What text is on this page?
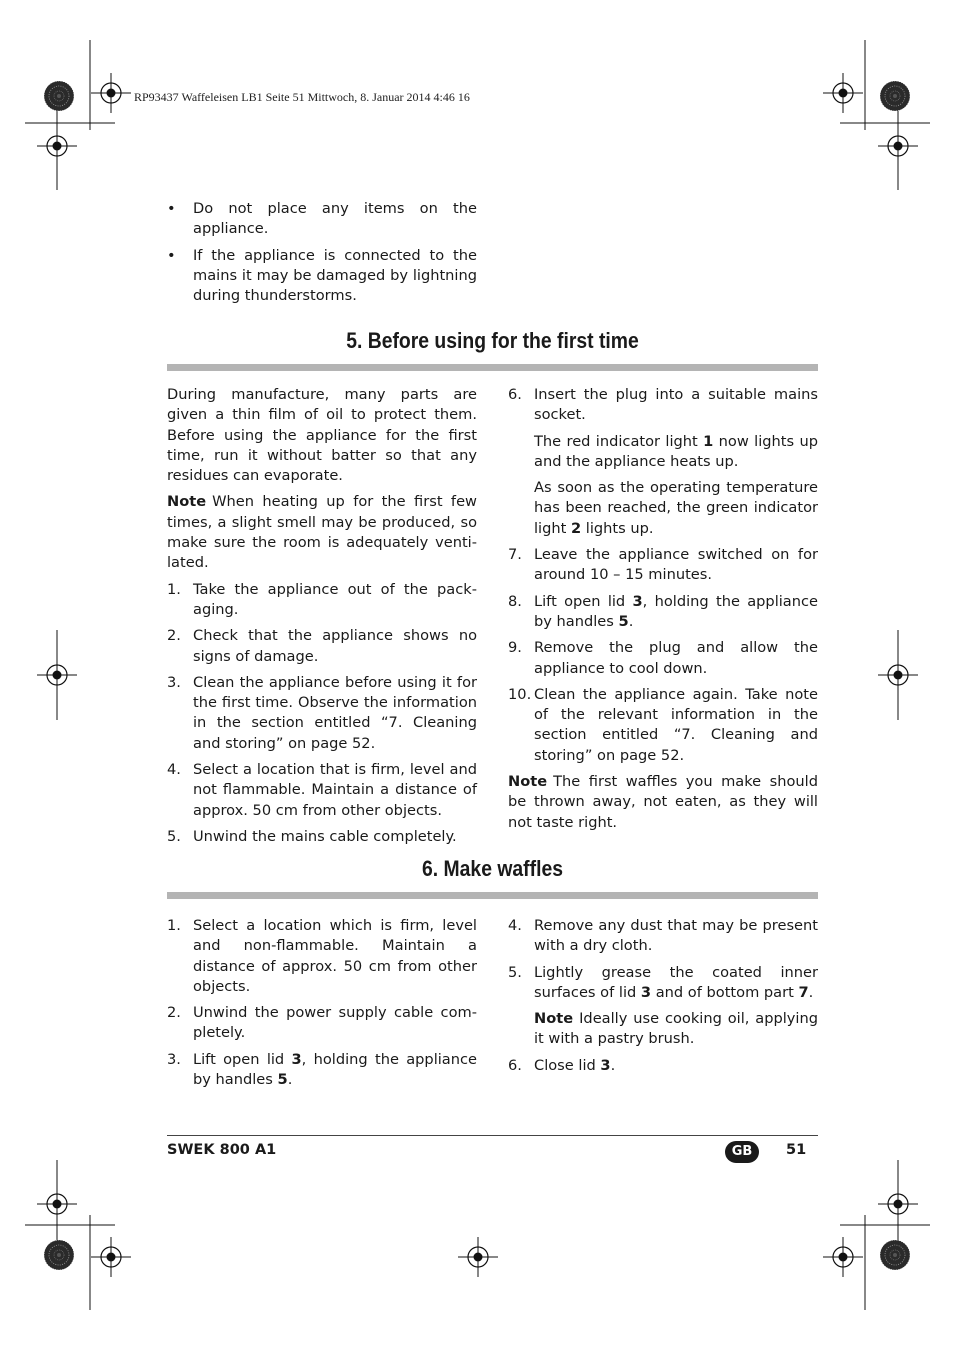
RP93437 Waffeleisen LB1 Seite 51 Mittwoch, 8. Januar 2014 4:46 16

• Do not place any items on the appliance.
• If the appliance is connected to the mains it may be damaged by lightning during thunderstorms.
5. Before using for the first time

During manufacture, many parts are given a thin film of oil to protect them. Before using the appliance for the first time, run it without batter so that any residues can evaporate.

Note When heating up for the first few times, a slight smell may be produced, so make sure the room is adequately venti-lated.

1. Take the appliance out of the pack-aging.
2. Check that the appliance shows no signs of damage.
3. Clean the appliance before using it for the first time. Observe the information in the section entitled “7. Cleaning and storing” on page 52.
4. Select a location that is firm, level and not flammable. Maintain a distance of approx. 50 cm from other objects.
5. Unwind the mains cable completely.
6. Insert the plug into a suitable mains socket.

The red indicator light 1 now lights up and the appliance heats up.

As soon as the operating temperature has been reached, the green indicator light 2 lights up.

7. Leave the appliance switched on for around 10 – 15 minutes.
8. Lift open lid 3, holding the appliance by handles 5.
9. Remove the plug and allow the appliance to cool down.
10. Clean the appliance again. Take note of the relevant information in the section entitled “7. Cleaning and storing” on page 52.

Note The first waffles you make should be thrown away, not eaten, as they will not taste right.

6. Make waffles
1. Select a location which is firm, level and non-flammable. Maintain a distance of approx. 50 cm from other objects.
2. Unwind the power supply cable com-pletely.
3. Lift open lid 3, holding the appliance by handles 5.
4. Remove any dust that may be present with a dry cloth.
5. Lightly grease the coated inner surfaces of lid 3 and of bottom part 7.

Note Ideally use cooking oil, applying it with a pastry brush.

6. Close lid 3.

SWEK 800 A1	GB	51
